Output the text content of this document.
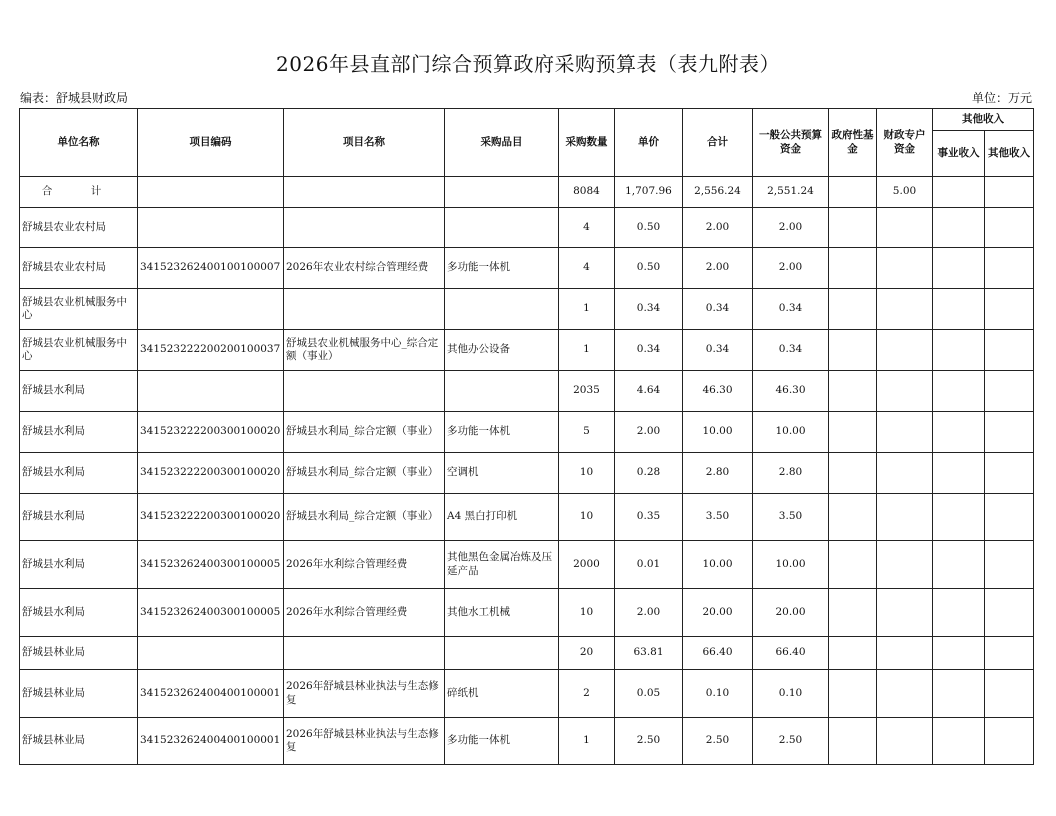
2026年县直部门综合预算政府采购预算表（表九附表）
编表：舒城县财政局	单位：万元
单位名称	项目编码	项目名称	采购品目	采购数量	单价	合计	一般公共预算资金	政府性基金	财政专户资金	其他收入	
										事业收入	其他收入
合　计				8084	1,707.96	2,556.24	2,551.24		5.00		
舒城县农业农村局				4	0.50	2.00	2.00				
舒城县农业农村局	341523262400100100007	2026年农业农村综合管理经费	多功能一体机	4	0.50	2.00	2.00				
舒城县农业机械服务中心				1	0.34	0.34	0.34				
舒城县农业机械服务中心	341523222200200100037	舒城县农业机械服务中心_综合定额（事业）	其他办公设备	1	0.34	0.34	0.34				
舒城县水利局				2035	4.64	46.30	46.30				
舒城县水利局	341523222200300100020	舒城县水利局_综合定额（事业）	多功能一体机	5	2.00	10.00	10.00				
舒城县水利局	341523222200300100020	舒城县水利局_综合定额（事业）	空调机	10	0.28	2.80	2.80				
舒城县水利局	341523222200300100020	舒城县水利局_综合定额（事业）	A4 黑白打印机	10	0.35	3.50	3.50				
舒城县水利局	341523262400300100005	2026年水利综合管理经费	其他黑色金属冶炼及压延产品	2000	0.01	10.00	10.00				
舒城县水利局	341523262400300100005	2026年水利综合管理经费	其他水工机械	10	2.00	20.00	20.00				
舒城县林业局				20	63.81	66.40	66.40				
舒城县林业局	341523262400400100001	2026年舒城县林业执法与生态修复	碎纸机	2	0.05	0.10	0.10				
舒城县林业局	341523262400400100001	2026年舒城县林业执法与生态修复	多功能一体机	1	2.50	2.50	2.50				
